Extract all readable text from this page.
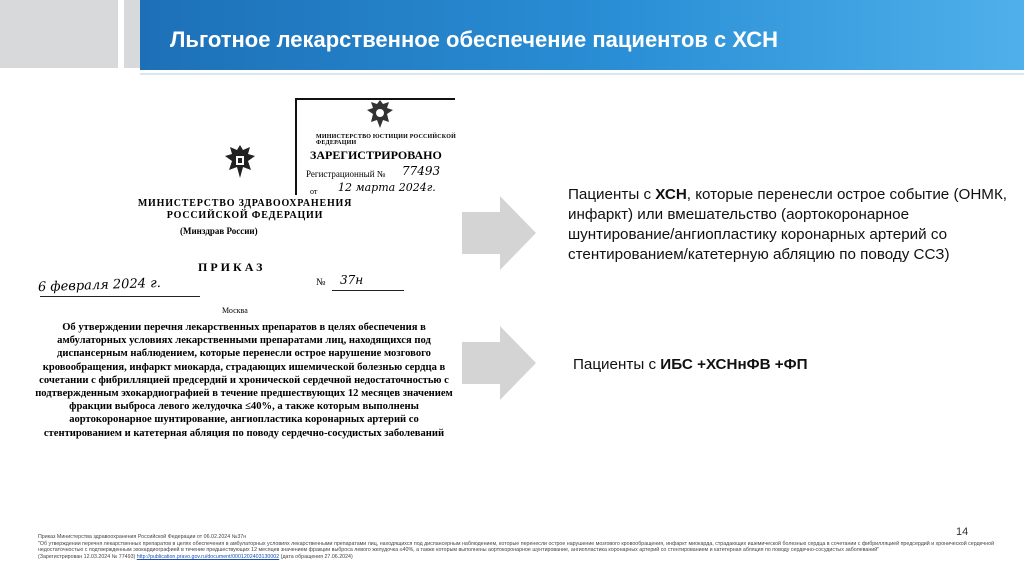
Льготное лекарственное обеспечение пациентов с ХСН
МИНИСТЕРСТВО ЮСТИЦИИ РОССИЙСКОЙ ФЕДЕРАЦИИ
ЗАРЕГИСТРИРОВАНО
Регистрационный № 77493
от 12 марта 2024г.
МИНИСТЕРСТВО ЗДРАВООХРАНЕНИЯ
РОССИЙСКОЙ ФЕДЕРАЦИИ
(Минздрав России)
ПРИКАЗ
6 февраля 2024 г.	№ 37н
Москва
Об утверждении перечня лекарственных препаратов в целях обеспечения в амбулаторных условиях лекарственными препаратами лиц, находящихся под диспансерным наблюдением, которые перенесли острое нарушение мозгового кровообращения, инфаркт миокарда, страдающих ишемической болезнью сердца в сочетании с фибрилляцией предсердий и хронической сердечной недостаточностью с подтвержденным эхокардиографией в течение предшествующих 12 месяцев значением фракции выброса левого желудочка ≤40%, а также которым выполнены аортокоронарное шунтирование, ангиопластика коронарных артерий со стентированием и катетерная абляция по поводу сердечно-сосудистых заболеваний
Пациенты с ХСН, которые перенесли острое событие (ОНМК, инфаркт) или вмешательство (аортокоронарное шунтирование/ангиопластику коронарных артерий со стентированием/катетерную абляцию по поводу ССЗ)
Пациенты с ИБС +ХСНнФВ +ФП
14
Приказ Министерства здравоохранения Российской Федерации от 06.02.2024 №37н
"Об утверждении перечня лекарственных препаратов в целях обеспечения в амбулаторных условиях лекарственными препаратами лиц, находящихся под диспансерным наблюдением, которые перенесли острое нарушение мозгового кровообращения, инфаркт миокарда, страдающих ишемической болезнью сердца в сочетании с фибрилляцией предсердий и хронической сердечной недостаточностью с подтвержденным эхокардиографией в течение предшествующих 12 месяцев значением фракции выброса левого желудочка ≤40%, а также которым выполнены аортокоронарное шунтирование, ангиопластика коронарных артерий со стентированием и катетерная абляция по поводу сердечно-сосудистых заболеваний"
(Зарегистрирован 12.03.2024 № 77493) http://publication.pravo.gov.ru/document/0001202403130002 (дата обращения 27.06.2024)
